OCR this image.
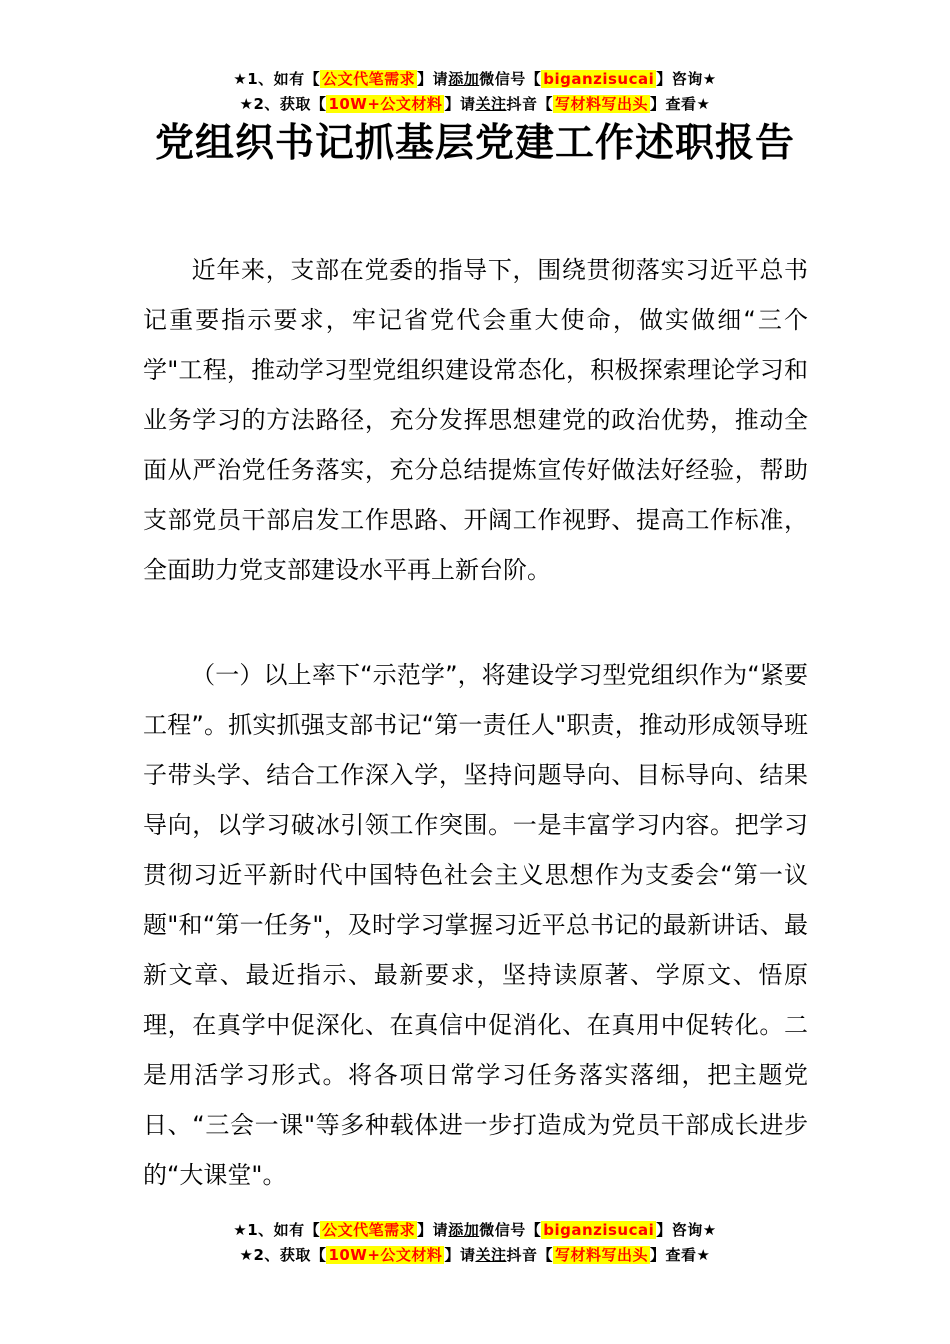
★1、如有【 公文代笔需求 】请添加微信号【 biganzisucai 】咨询★
★2、获取【 10W+公文材料 】请关注抖音【 写材料写出头 】查看★
党组织书记抓基层党建工作述职报告

近年来，支部在党委的指导下，围绕贯彻落实习近平总书记重要指示要求，牢记省党代会重大使命，做实做细“三个学"工程，推动学习型党组织建设常态化，积极探索理论学习和业务学习的方法路径，充分发挥思想建党的政治优势，推动全面从严治党任务落实，充分总结提炼宣传好做法好经验，帮助支部党员干部启发工作思路、开阔工作视野、提高工作标准，全面助力党支部建设水平再上新台阶。

（一）以上率下“示范学”，将建设学习型党组织作为“紧要工程”。抓实抓强支部书记“第一责任人"职责，推动形成领导班子带头学、结合工作深入学，坚持问题导向、目标导向、结果导向，以学习破冰引领工作突围。一是丰富学习内容。把学习贯彻习近平新时代中国特色社会主义思想作为支委会“第一议题"和“第一任务"，及时学习掌握习近平总书记的最新讲话、最新文章、最近指示、最新要求，坚持读原著、学原文、悟原理，在真学中促深化、在真信中促消化、在真用中促转化。二是用活学习形式。将各项日常学习任务落实落细，把主题党日、“三会一课"等多种载体进一步打造成为党员干部成长进步的“大课堂"。

★1、如有【 公文代笔需求 】请添加微信号【 biganzisucai 】咨询★
★2、获取【 10W+公文材料 】请关注抖音【 写材料写出头 】查看★
